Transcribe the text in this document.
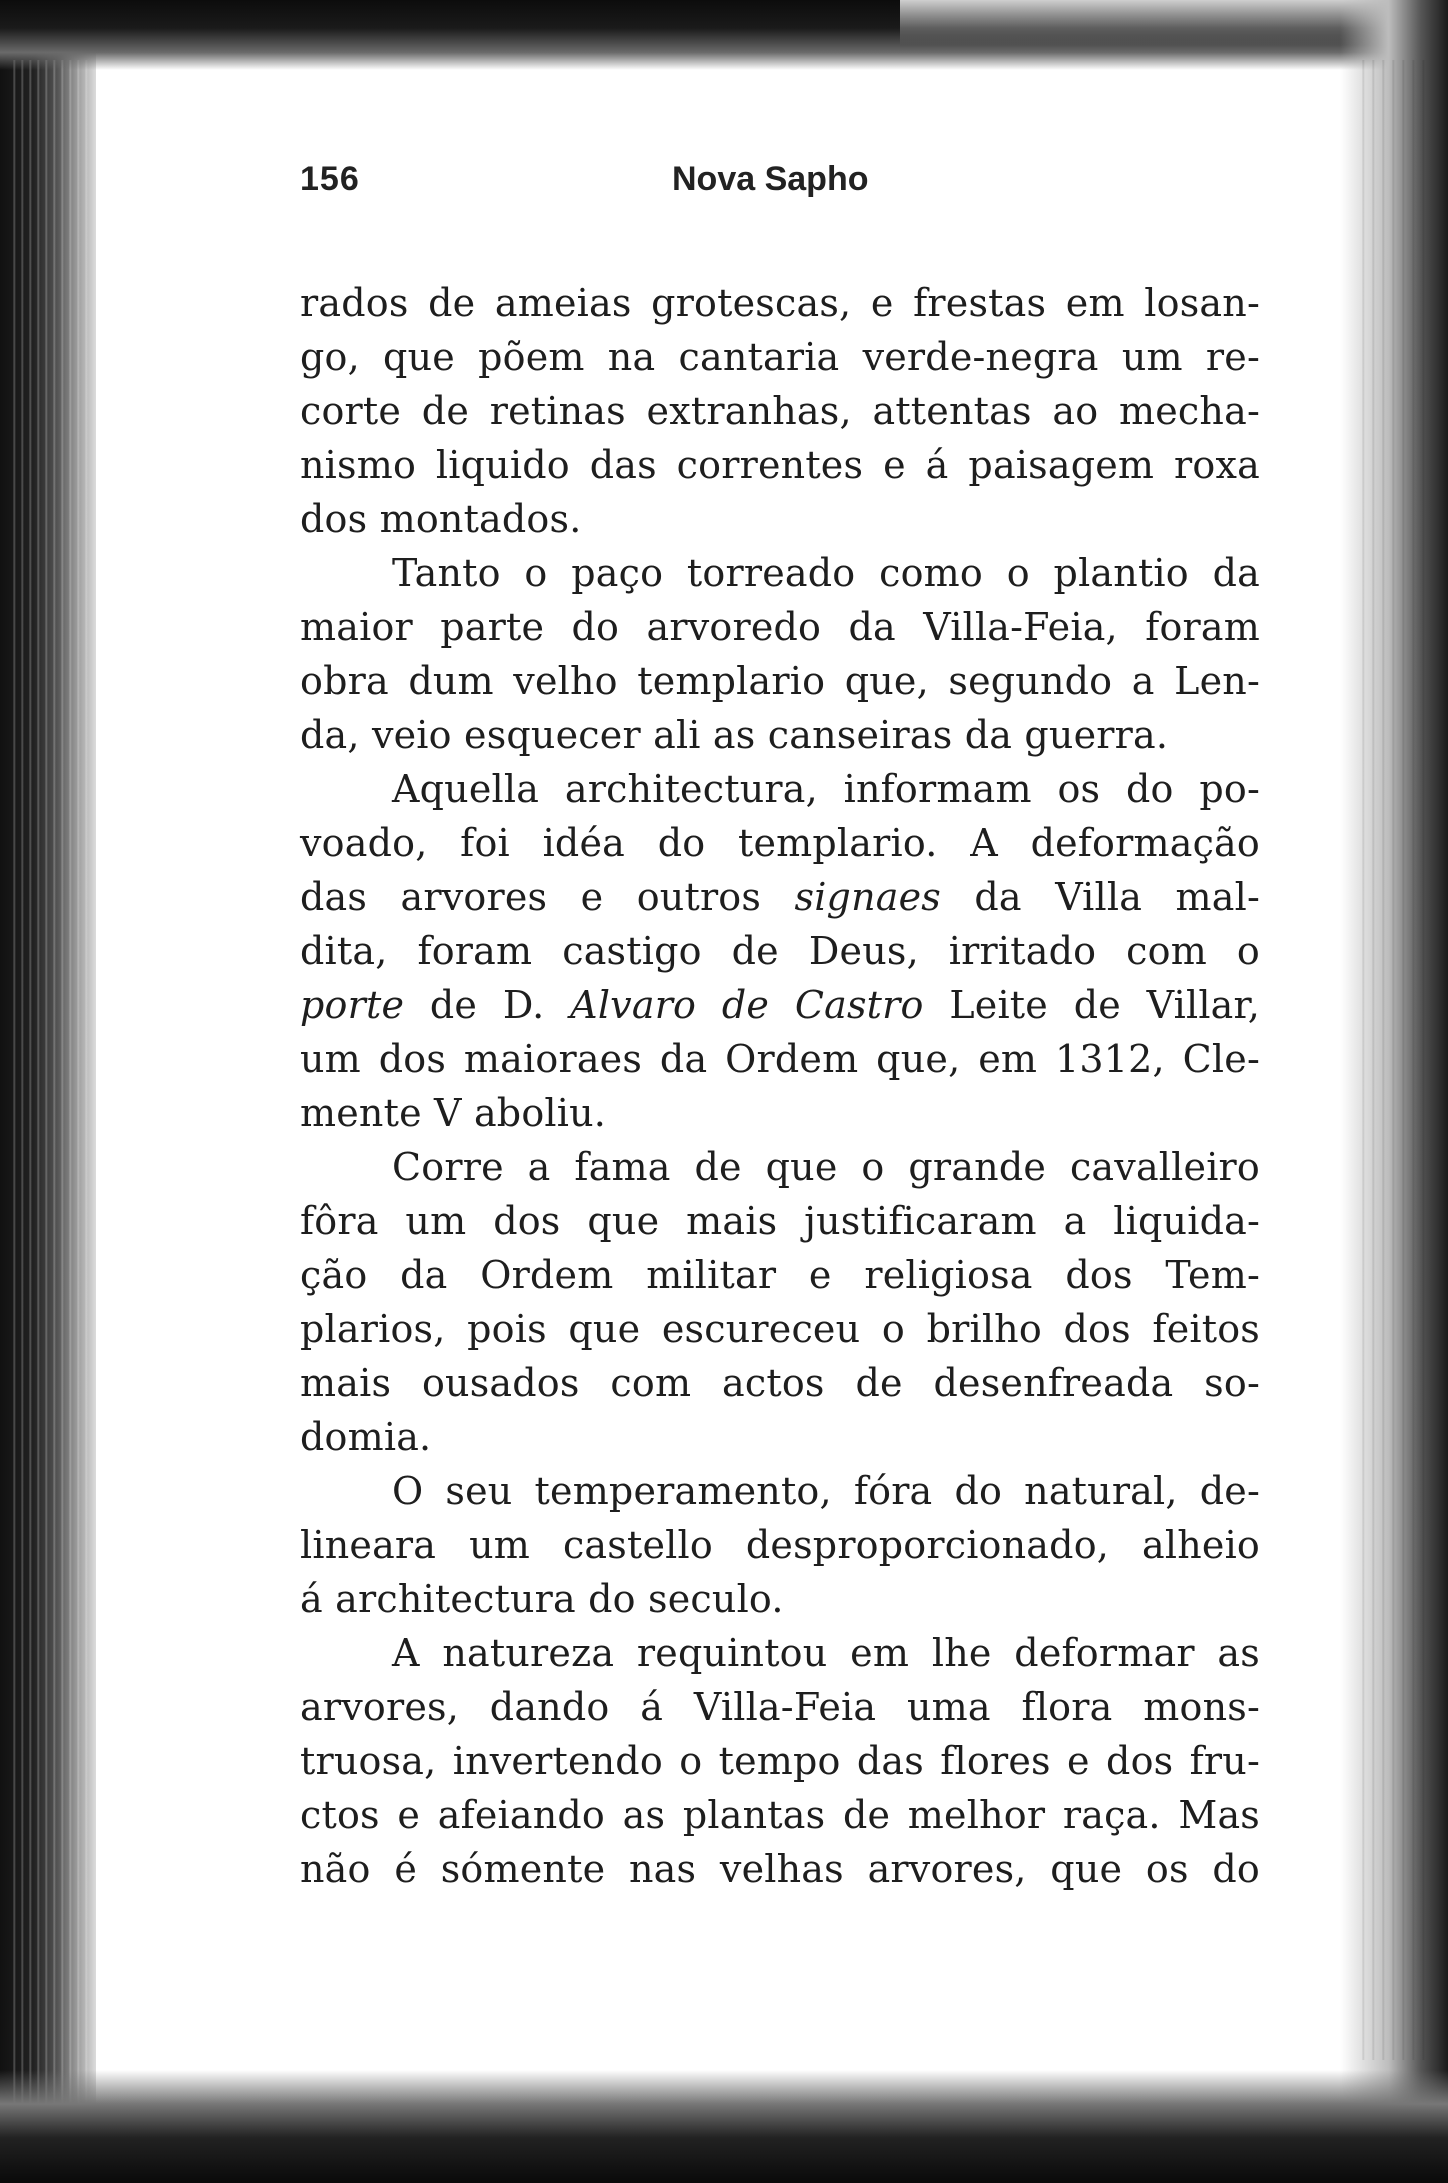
156	Nova Sapho
rados de ameias grotescas, e frestas em losan-
go, que põem na cantaria verde-negra um re-
corte de retinas extranhas, attentas ao mecha-
nismo liquido das correntes e á paisagem roxa
dos montados.
Tanto o paço torreado como o plantio da
maior parte do arvoredo da Villa-Feia, foram
obra dum velho templario que, segundo a Len-
da, veio esquecer ali as canseiras da guerra.
Aquella architectura, informam os do po-
voado, foi idéa do templario. A deformação
das arvores e outros signaes da Villa mal-
dita, foram castigo de Deus, irritado com o
porte de D. Alvaro de Castro Leite de Villar,
um dos maioraes da Ordem que, em 1312, Cle-
mente V aboliu.
Corre a fama de que o grande cavalleiro
fôra um dos que mais justificaram a liquida-
ção da Ordem militar e religiosa dos Tem-
plarios, pois que escureceu o brilho dos feitos
mais ousados com actos de desenfreada so-
domia.
O seu temperamento, fóra do natural, de-
lineara um castello desproporcionado, alheio
á architectura do seculo.
A natureza requintou em lhe deformar as
arvores, dando á Villa-Feia uma flora mons-
truosa, invertendo o tempo das flores e dos fru-
ctos e afeiando as plantas de melhor raça. Mas
não é sómente nas velhas arvores, que os do
